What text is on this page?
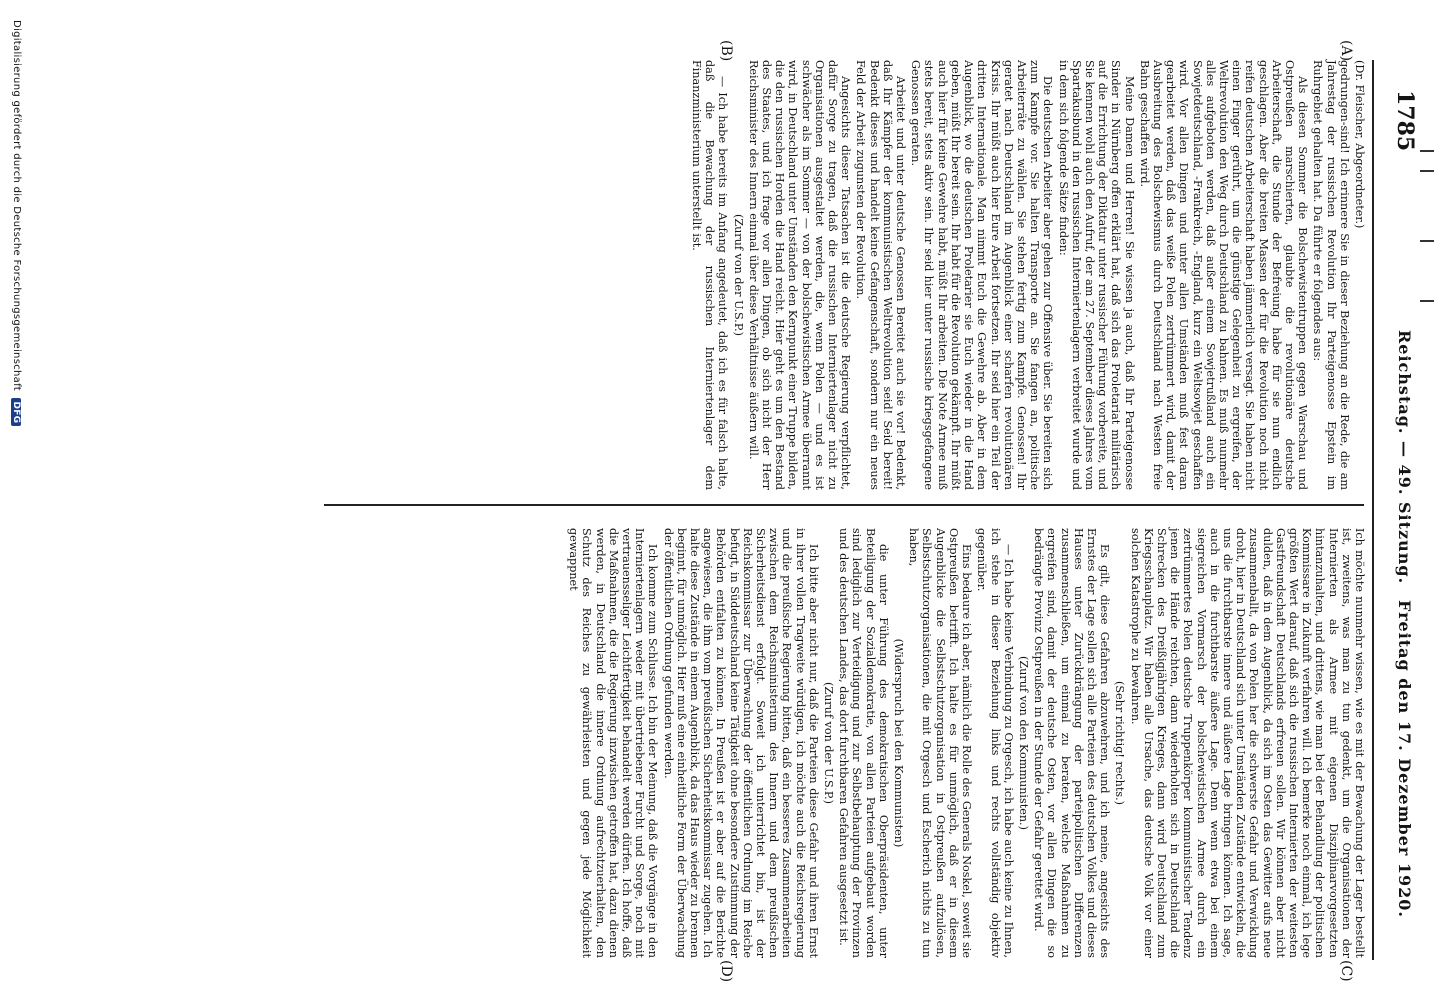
1785
Reichstag. — 49. Sitzung.
Freitag den 17. Dezember 1920.
(A)
(B)
(C)
(D)

(Dr. Fleischer, Abgeordneter.)

gedrungen-sind! Ich erinnere Sie in dieser Beziehung an die Rede, die am Jahrestag der russischen Revolution Ihr Parteigenosse Epstein im Ruhrgebiet gehalten hat. Da führte er folgendes aus:

Als diesen Sommer die Bolschewistentruppen gegen Warschau und Ostpreußen marschierten, glaubte die revolutionäre deutsche Arbeiterschaft, die Stunde der Befreiung habe für sie nun endlich geschlagen. Aber die breiten Massen der für die Revolution noch nicht reifen deutschen Arbeiterschaft haben jämmerlich versagt. Sie haben nicht einen Finger gerührt, um die günstige Gelegenheit zu ergreifen, der Weltrevolution den Weg durch Deutschland zu bahnen. Es muß nunmehr alles aufgeboten werden, daß außer einem Sowjetrußland auch ein Sowjetdeutschland, -Frankreich, -England, kurz ein Weltsowjet geschaffen wird. Vor allen Dingen und unter allen Umständen muß fest daran gearbeitet werden, daß das weiße Polen zertrümmert wird, damit der Ausbreitung des Bolschewismus durch Deutschland nach Westen freie Bahn geschaffen wird.

Meine Damen und Herren! Sie wissen ja auch, daß Ihr Parteigenosse Sinder in Nürnberg offen erklärt hat, daß sich das Proletariat militärisch auf die Errichtung der Diktatur unter russischer Führung vorbereite, und Sie kennen wohl auch den Aufruf, der am 27. September dieses Jahres vom Spartakusbund in den russischen Interniertenlagern verbreitet wurde und in dem sich folgende Sätze finden:

Die deutschen Arbeiter aber gehen zur Offensive über. Sie bereiten sich zum Kampfe vor. Sie halten Transporte an. Sie fangen an, politische Arbeiterräte zu wählen. Sie stehen fertig zum Kampfe. Genossen! Ihr geratet nach Deutschland im Augenblick einer scharfen revolutionären Krisis. Ihr müßt auch hier Eure Arbeit fortsetzen. Ihr seid hier ein Teil der dritten Internationale. Man nimmt Euch die Gewehre ab. Aber in dem Augenblick, wo die deutschen Proletarier sie Euch wieder in die Hand geben, müßt Ihr bereit sein. Ihr habt für die Revolution gekämpft. Ihr müßt auch hier für keine Gewehre habt, müßt Ihr arbeiten. Die Note Armee muß stets bereit, stets aktiv sein. Ihr seid hier unter russische kriegsgefangene Genossen geraten.

Arbeitet und unter deutsche Genossen Bereitet auch sie vor! Bedenkt, daß Ihr Kämpfer der kommunistischen Weltrevolution seid! Seid bereit! Bedenkt dieses und handelt keine Gefangenschaft, sondern nur ein neues Feld der Arbeit zugunsten der Revolution.

Angesichts dieser Tatsachen ist die deutsche Regierung verpflichtet, dafür Sorge zu tragen, daß die russischen Interniertenlager nicht zu Organisationen ausgestaltet werden, die, wenn Polen — und es ist schwächer als im Sommer — von der bolschewistischen Armee überrannt wird, in Deutschland unter Umständen den Kernpunkt einer Truppe bilden, die den russischen Horden die Hand reicht. Hier geht es um den Bestand des Staates, und ich frage vor allen Dingen, ob sich nicht der Herr Reichsminister des Innern einmal über diese Verhältnisse äußern will.

(Zuruf von der U.S.P.)

— Ich habe bereits im Anfang angedeutet, daß ich es für falsch halte, daß die Bewachung der russischen Interniertenlager dem Finanzministerium unterstellt ist.

Ich möchte nunmehr wissen, wie es mit der Bewachung der Lager bestellt ist, zweitens, was man zu tun gedenkt, um die Organisationen der Internierten als Armee mit eigenen Disziplinarvorgesetzten hintanzuhalten, und drittens, wie man bei der Behandlung der politischen Kommissare in Zukunft verfahren will. Ich bemerke noch einmal, ich lege größten Wert darauf, daß sich die russischen Internierten der weitesten Gastfreundschaft Deutschlands erfreuen sollen. Wir können aber nicht dulden, daß in dem Augenblick, da sich im Osten das Gewitter aufs neue zusammenballt, da von Polen her die schwerste Gefahr und Verwicklung droht, hier in Deutschland sich unter Umständen Zustände entwickeln, die uns die furchtbarste innere und äußere Lage bringen können. Ich sage, auch in die furchtbarste äußere Lage. Denn wenn etwa bei einem siegreichen Vormarsch der bolschewistischen Armee durch ein zertrümmertes Polen deutsche Truppenkörper kommunistischer Tendenz jenen die Hände reichten, dann wiederholten sich in Deutschland die Schrecken des Dreißigjährigen Krieges, dann wird Deutschland zum Kriegsschauplatz. Wir haben alle Ursache, das deutsche Volk vor einer solchen Katastrophe zu bewahren.

(Sehr richtig! rechts.)

Es gilt, diese Gefahren abzuwehren, und ich meine, angesichts des Ernstes der Lage sollen sich alle Parteien des deutschen Volkes und dieses Hauses unter Zurückdrängung der parteipolitischen Differenzen zusammenschließen, um einmal zu beraten, welche Maßnahmen zu ergreifen sind, damit der deutsche Osten, vor allen Dingen die so bedrängte Provinz Ostpreußen in der Stunde der Gefahr gerettet wird.

(Zuruf von den Kommunisten.)

— Ich habe keine Verbindung zu Orgesch, ich habe auch keine zu Ihnen, ich stehe in dieser Beziehung links und rechts vollständig objektiv gegenüber.

Eins bedaure ich aber, nämlich die Rolle des Generals Noskel, soweit sie Ostpreußen betrifft. Ich halte es für unmöglich, daß er in diesem Augenblicke die Selbstschutzorganisation in Ostpreußen aufzulösen, Selbstschutzorganisationen, die mit Orgesch und Escherich nichts zu tun haben,

(Widerspruch bei den Kommunisten)

die unter Führung des demokratischen Oberpräsidenten, unter Beteiligung der Sozialdemokratie, von allen Parteien aufgebaut worden sind lediglich zur Verteidigung und zur Selbstbehauptung der Provinzen und des deutschen Landes, das dort furchtbaren Gefahren ausgesetzt ist.

(Zuruf von der U.S.P.)

Ich bitte aber nicht nur, daß die Parteien diese Gefahr und ihren Ernst in ihrer vollen Tragweite würdigen, ich möchte auch die Reichsregierung und die preußische Regierung bitten, daß ein besseres Zusammenarbeiten zwischen dem Reichsministerium des Innern und dem preußischen Sicherheitsdienst erfolgt. Soweit ich unterrichtet bin, ist der Reichskommissar zur Überwachung der öffentlichen Ordnung im Reiche befugt, in Süddeutschland keine Tätigkeit ohne besondere Zustimmung der Behörden entfalten zu können. In Preußen ist er aber auf die Berichte angewiesen, die ihm vom preußischen Sicherheitskommissar zugehen. Ich halte diese Zustände in einem Augenblick, da das Haus wieder zu brennen beginnt, für unmöglich. Hier muß eine einheitliche Form der Überwachung der öffentlichen Ordnung gefunden werden.

Ich komme zum Schlusse. Ich bin der Meinung, daß die Vorgänge in den Interniertenlagern weder mit übertriebener Furcht und Sorge, noch mit vertrauensseliger Leichtfertigkeit behandelt werden dürfen. Ich hoffe, daß die Maßnahmen, die die Regierung inzwischen getroffen hat, dazu dienen werden, in Deutschland die innere Ordnung aufrechtzuerhalten, den Schutz des Reiches zu gewährleisten und gegen jede Möglichkeit gewappnet

Digitalisierung gefördert durch die Deutsche Forschungsgemeinschaft DFG
